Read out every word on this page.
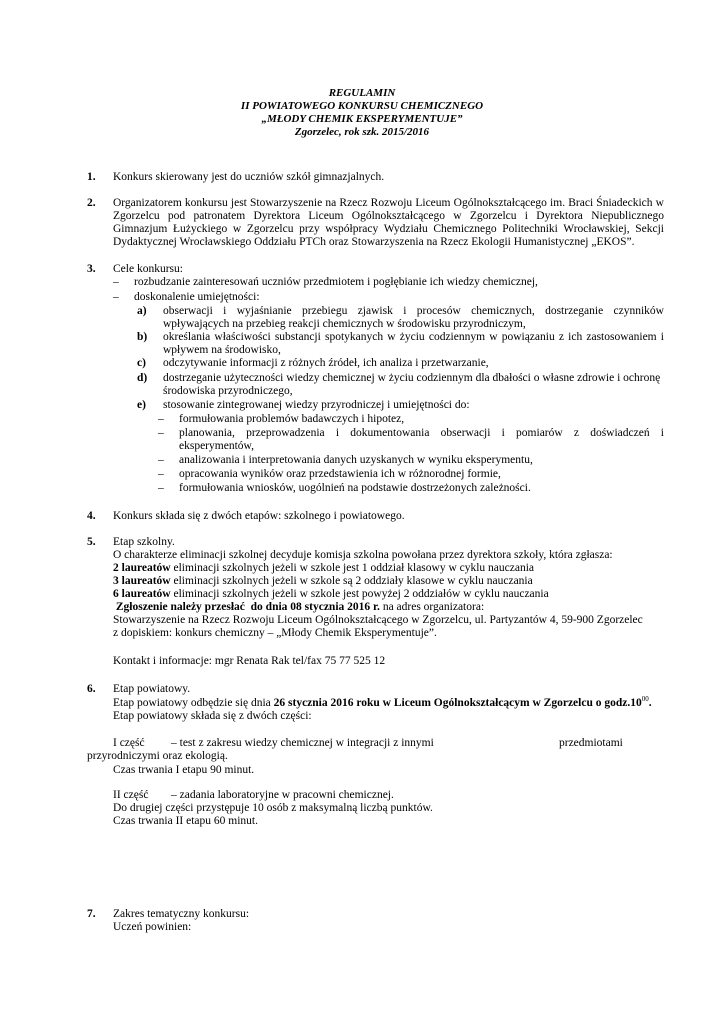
REGULAMIN
II POWIATOWEGO KONKURSU CHEMICZNEGO
„MŁODY CHEMIK EKSPERYMENTUJE”
Zgorzelec, rok szk. 2015/2016
1. Konkurs skierowany jest do uczniów szkół gimnazjalnych.
2. Organizatorem konkursu jest Stowarzyszenie na Rzecz Rozwoju Liceum Ogólnokształcącego im. Braci Śniadeckich w
Zgorzelcu pod patronatem Dyrektora Liceum Ogólnokształcącego w Zgorzelcu i Dyrektora Niepublicznego
Gimnazjum Łużyckiego w Zgorzelcu przy współpracy Wydziału Chemicznego Politechniki Wrocławskiej, Sekcji
Dydaktycznej Wrocławskiego Oddziału PTCh oraz Stowarzyszenia na Rzecz Ekologii Humanistycznej „EKOS”.
3. Cele konkursu:
– rozbudzanie zainteresowań uczniów przedmiotem i pogłębianie ich wiedzy chemicznej,
– doskonalenie umiejętności:
a) obserwacji i wyjaśnianie przebiegu zjawisk i procesów chemicznych, dostrzeganie czynników
wpływających na przebieg reakcji chemicznych w środowisku przyrodniczym,
b) określania właściwości substancji spotykanych w życiu codziennym w powiązaniu z ich zastosowaniem i
wpływem na środowisko,
c) odczytywanie informacji z różnych źródeł, ich analiza i przetwarzanie,
d) dostrzeganie użyteczności wiedzy chemicznej w życiu codziennym dla dbałości o własne zdrowie i ochronę
środowiska przyrodniczego,
e) stosowanie zintegrowanej wiedzy przyrodniczej i umiejętności do:
– formułowania problemów badawczych i hipotez,
– planowania, przeprowadzenia i dokumentowania obserwacji i pomiarów z doświadczeń i
eksperymentów,
– analizowania i interpretowania danych uzyskanych w wyniku eksperymentu,
– opracowania wyników oraz przedstawienia ich w różnorodnej formie,
– formułowania wniosków, uogólnień na podstawie dostrzeżonych zależności.
4. Konkurs składa się z dwóch etapów: szkolnego i powiatowego.
5. Etap szkolny.
O charakterze eliminacji szkolnej decyduje komisja szkolna powołana przez dyrektora szkoły, która zgłasza:
2 laureatów eliminacji szkolnych jeżeli w szkole jest 1 oddział klasowy w cyklu nauczania
3 laureatów eliminacji szkolnych jeżeli w szkole są 2 oddziały klasowe w cyklu nauczania
6 laureatów eliminacji szkolnych jeżeli w szkole jest powyżej 2 oddziałów w cyklu nauczania
Zgłoszenie należy przesłać  do dnia 08 stycznia 2016 r. na adres organizatora:
Stowarzyszenie na Rzecz Rozwoju Liceum Ogólnokształcącego w Zgorzelcu, ul. Partyzantów 4, 59-900 Zgorzelec
z dopiskiem: konkurs chemiczny – „Młody Chemik Eksperymentuje”.
Kontakt i informacje: mgr Renata Rak tel/fax 75 77 525 12
6. Etap powiatowy.
Etap powiatowy odbędzie się dnia 26 stycznia 2016 roku w Liceum Ogólnokształcącym w Zgorzelcu o $godz.10^{00}$.
Etap powiatowy składa się z dwóch części:
I część – test z zakresu wiedzy chemicznej w integracji z innymi	przedmiotami
przyrodniczymi oraz ekologią.
Czas trwania I etapu 90 minut.
II część – zadania laboratoryjne w pracowni chemicznej.
Do drugiej części przystępuje 10 osób z maksymalną liczbą punktów.
Czas trwania II etapu 60 minut.
7. Zakres tematyczny konkursu:
Uczeń powinien:
